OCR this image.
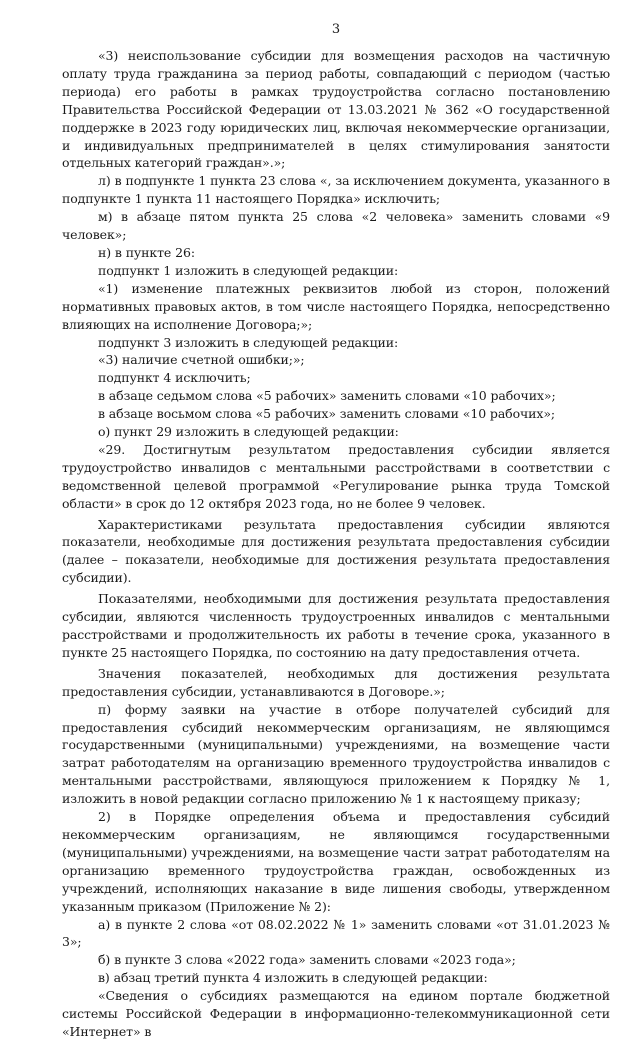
3

«3) неиспользование субсидии для возмещения расходов на частичную оплату труда гражданина за период работы, совпадающий с периодом (частью периода) его работы в рамках трудоустройства согласно постановлению Правительства Российской Федерации от 13.03.2021 № 362 «О государственной поддержке в 2023 году юридических лиц, включая некоммерческие организации, и индивидуальных предпринимателей в целях стимулирования занятости отдельных категорий граждан».»;

л) в подпункте 1 пункта 23 слова «, за исключением документа, указанного в подпункте 1 пункта 11 настоящего Порядка» исключить;

м) в абзаце пятом пункта 25 слова «2 человека» заменить словами «9 человек»;

н) в пункте 26:

подпункт 1 изложить в следующей редакции:

«1) изменение платежных реквизитов любой из сторон, положений нормативных правовых актов, в том числе настоящего Порядка, непосредственно влияющих на исполнение Договора;»;

подпункт 3 изложить в следующей редакции:

«3) наличие счетной ошибки;»;

подпункт 4 исключить;

в абзаце седьмом слова «5 рабочих» заменить словами «10 рабочих»;

в абзаце восьмом слова «5 рабочих» заменить словами «10 рабочих»;

о) пункт 29 изложить в следующей редакции:

«29. Достигнутым результатом предоставления субсидии является трудоустройство инвалидов с ментальными расстройствами в соответствии с ведомственной целевой программой «Регулирование рынка труда Томской области» в срок до 12 октября 2023 года, но не более 9 человек.

Характеристиками результата предоставления субсидии являются показатели, необходимые для достижения результата предоставления субсидии (далее – показатели, необходимые для достижения результата предоставления субсидии).

Показателями, необходимыми для достижения результата предоставления субсидии, являются численность трудоустроенных инвалидов с ментальными расстройствами и продолжительность их работы в течение срока, указанного в пункте 25 настоящего Порядка, по состоянию на дату предоставления отчета.

Значения показателей, необходимых для достижения результата предоставления субсидии, устанавливаются в Договоре.»;

п) форму заявки на участие в отборе получателей субсидий для предоставления субсидий некоммерческим организациям, не являющимся государственными (муниципальными) учреждениями, на возмещение части затрат работодателям на организацию временного трудоустройства инвалидов с ментальными расстройствами, являющуюся приложением к Порядку № 1, изложить в новой редакции согласно приложению № 1 к настоящему приказу;

2) в Порядке определения объема и предоставления субсидий некоммерческим организациям, не являющимся государственными (муниципальными) учреждениями, на возмещение части затрат работодателям на организацию временного трудоустройства граждан, освобожденных из учреждений, исполняющих наказание в виде лишения свободы, утвержденном указанным приказом (Приложение № 2):

а) в пункте 2 слова «от 08.02.2022 № 1» заменить словами «от 31.01.2023 № 3»;

б) в пункте 3 слова «2022 года» заменить словами «2023 года»;

в) абзац третий пункта 4 изложить в следующей редакции:

«Сведения о субсидиях размещаются на едином портале бюджетной системы Российской Федерации в информационно-телекоммуникационной сети «Интернет» в
